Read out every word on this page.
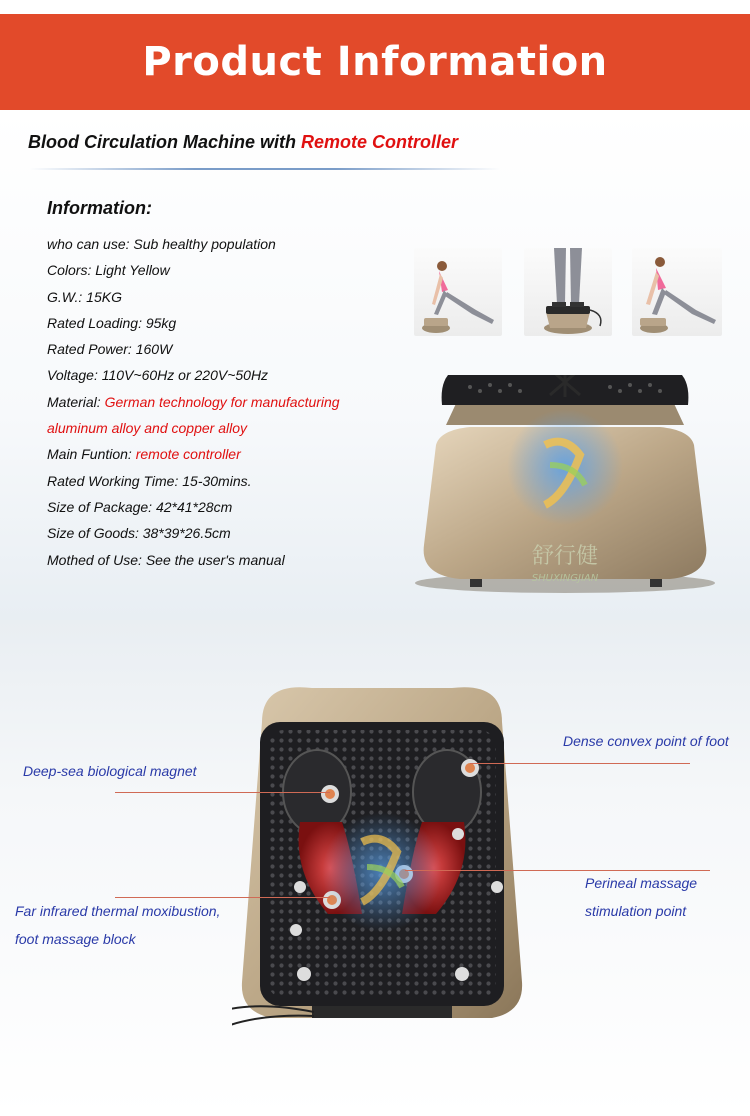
Product Information
Blood Circulation Machine with Remote Controller
Information:
who can use: Sub healthy population
Colors: Light Yellow
G.W.: 15KG
Rated Loading: 95kg
Rated Power: 160W
Voltage: 110V~60Hz or 220V~50Hz
Material: German technology for manufacturing
aluminum alloy and copper alloy
Main Funtion: remote controller
Rated Working Time: 15-30mins.
Size of Package: 42*41*28cm
Size of Goods: 38*39*26.5cm
Mothed of Use: See the user's manual	舒行健
SHUXINGJIAN
Dense convex point of foot
Deep-sea biological magnet
Perineal massage
stimulation point
Far infrared thermal moxibustion,
foot massage block
